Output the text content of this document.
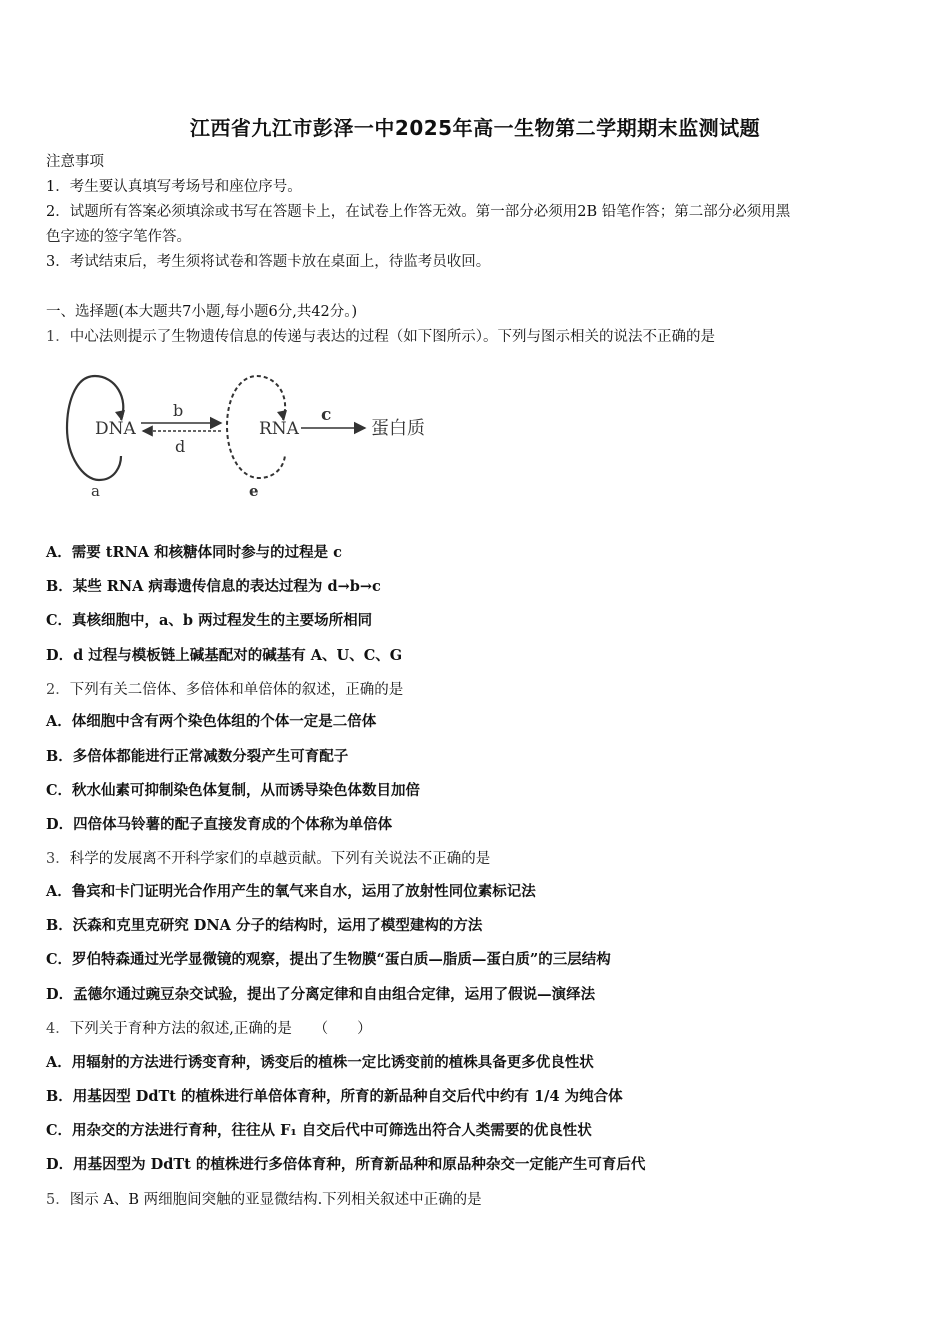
江西省九江市彭泽一中2025年高一生物第二学期期末监测试题
注意事项
1．考生要认真填写考场号和座位序号。
2．试题所有答案必须填涂或书写在答题卡上，在试卷上作答无效。第一部分必须用2B 铅笔作答；第二部分必须用黑
色字迹的签字笔作答。
3．考试结束后，考生须将试卷和答题卡放在桌面上，待监考员收回。
一、选择题(本大题共7小题,每小题6分,共42分。)
1．中心法则提示了生物遗传信息的传递与表达的过程（如下图所示）。下列与图示相关的说法不正确的是
DNA
b
d
RNA
c
蛋白质
a	e
A．需要 tRNA 和核糖体同时参与的过程是 c
B．某些 RNA 病毒遗传信息的表达过程为 d→b→c
C．真核细胞中，a、b 两过程发生的主要场所相同
D．d 过程与模板链上碱基配对的碱基有 A、U、C、G
2．下列有关二倍体、多倍体和单倍体的叙述，正确的是
A．体细胞中含有两个染色体组的个体一定是二倍体
B．多倍体都能进行正常减数分裂产生可育配子
C．秋水仙素可抑制染色体复制，从而诱导染色体数目加倍
D．四倍体马铃薯的配子直接发育成的个体称为单倍体
3．科学的发展离不开科学家们的卓越贡献。下列有关说法不正确的是
A．鲁宾和卡门证明光合作用产生的氧气来自水，运用了放射性同位素标记法
B．沃森和克里克研究 DNA 分子的结构时，运用了模型建构的方法
C．罗伯特森通过光学显微镜的观察，提出了生物膜“蛋白质—脂质—蛋白质”的三层结构
D．孟德尔通过豌豆杂交试验，提出了分离定律和自由组合定律，运用了假说—演绎法
4．下列关于育种方法的叙述,正确的是　　（　　）
A．用辐射的方法进行诱变育种，诱变后的植株一定比诱变前的植株具备更多优良性状
B．用基因型 DdTt 的植株进行单倍体育种，所育的新品种自交后代中约有 1/4 为纯合体
C．用杂交的方法进行育种，往往从 F₁ 自交后代中可筛选出符合人类需要的优良性状
D．用基因型为 DdTt 的植株进行多倍体育种，所育新品种和原品种杂交一定能产生可育后代
5．图示 A、B 两细胞间突触的亚显微结构.下列相关叙述中正确的是
